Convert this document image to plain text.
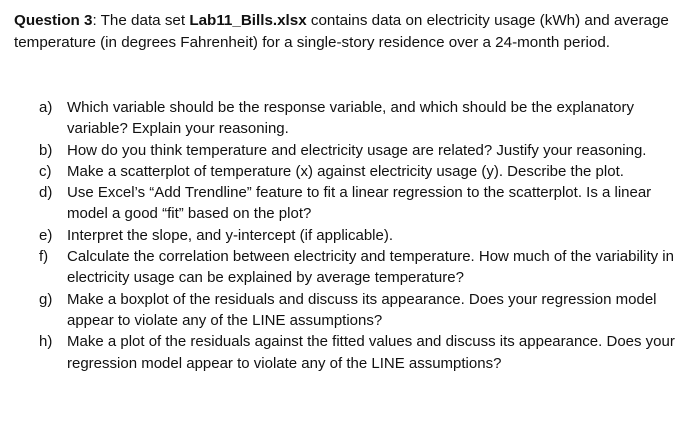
Question 3: The data set Lab11_Bills.xlsx contains data on electricity usage (kWh) and average temperature (in degrees Fahrenheit) for a single-story residence over a 24-month period.

a) Which variable should be the response variable, and which should be the explanatory variable? Explain your reasoning.
b) How do you think temperature and electricity usage are related? Justify your reasoning.
c)	Make a scatterplot of temperature (x) against electricity usage (y). Describe the plot.
d) Use Excel’s “Add Trendline” feature to fit a linear regression to the scatterplot. Is a linear model a good “fit” based on the plot?
e) Interpret the slope, and y-intercept (if applicable).
f)	Calculate the correlation between electricity and temperature. How much of the variability in electricity usage can be explained by average temperature?
g) Make a boxplot of the residuals and discuss its appearance. Does your regression model appear to violate any of the LINE assumptions?
h) Make a plot of the residuals against the fitted values and discuss its appearance. Does your regression model appear to violate any of the LINE assumptions?
